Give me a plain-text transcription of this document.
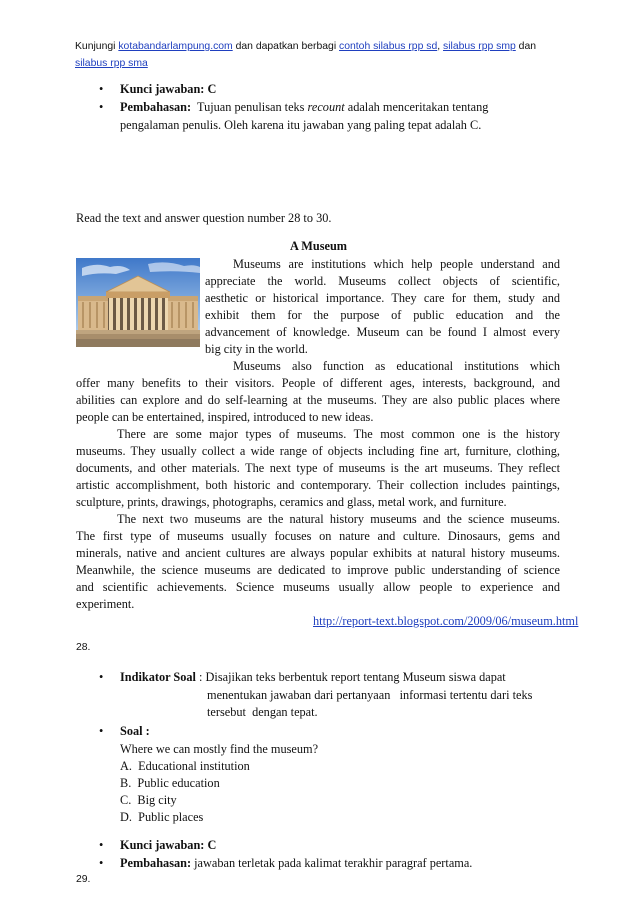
Kunjungi kotabandarlampung.com dan dapatkan berbagi contoh silabus rpp sd, silabus rpp smp dan
silabus rpp sma
• Kunci jawaban: C
• Pembahasan:  Tujuan penulisan teks recount adalah menceritakan tentang
pengalaman penulis. Oleh karena itu jawaban yang paling tepat adalah C.
Read the text and answer question number 28 to 30.
A Museum
Museums are institutions which help people understand and
appreciate the world. Museums collect objects of scientific,
aesthetic or historical importance. They care for them, study and
exhibit them for the purpose of public education and the
advancement of knowledge. Museum can be found I almost every
big city in the world.
Museums also function as educational institutions which
offer many benefits to their visitors. People of different ages, interests, background, and
abilities can explore and do self-learning at the museums. They are also public places where
people can be entertained, inspired, introduced to new ideas.
There are some major types of museums. The most common one is the history
museums. They usually collect a wide range of objects including fine art, furniture, clothing,
documents, and other materials. The next type of museums is the art museums. They reflect
artistic accomplishment, both historic and contemporary. Their collection includes paintings,
sculpture, prints, drawings, photographs, ceramics and glass, metal work, and furniture.
The next two museums are the natural history museums and the science museums.
The first type of museums usually focuses on nature and culture. Dinosaurs, gems and
minerals, native and ancient cultures are always popular exhibits at natural history museums.
Meanwhile, the science museums are dedicated to improve public understanding of science
and scientific achievements. Science museums usually allow people to experience and
experiment.
http://report-text.blogspot.com/2009/06/museum.html
28.
• Indikator Soal : Disajikan teks berbentuk report tentang Museum siswa dapat
menentukan jawaban dari pertanyaan   informasi tertentu dari teks
tersebut  dengan tepat.
• Soal :
Where we can mostly find the museum?
A.  Educational institution
B.  Public education
C.  Big city
D.  Public places
• Kunci jawaban: C
• Pembahasan: jawaban terletak pada kalimat terakhir paragraf pertama.
29.
